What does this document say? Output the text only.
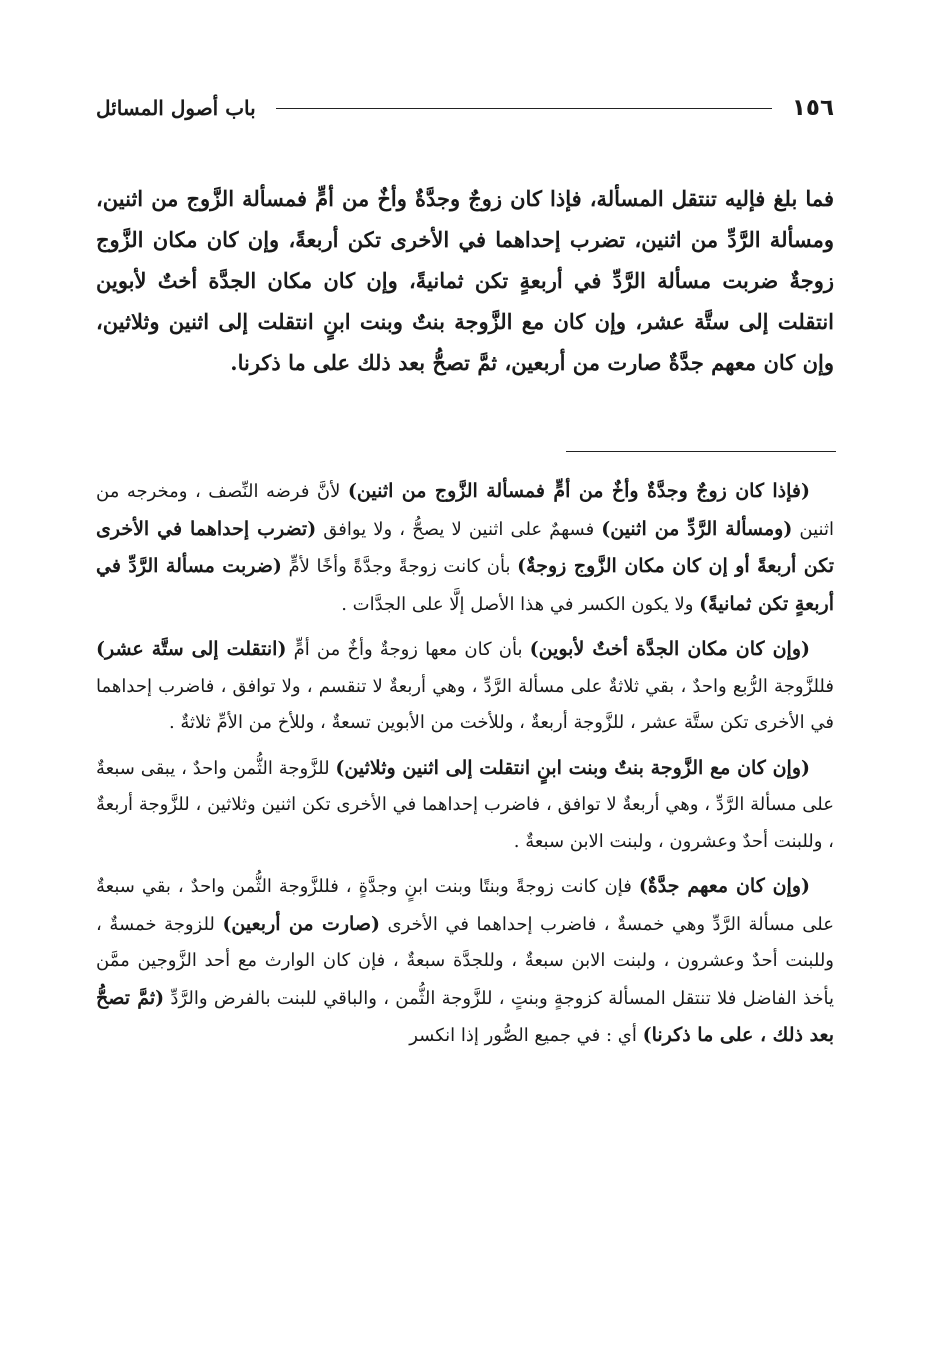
١٥٦
باب أصول المسائل

فما بلغ فإليه تنتقل المسألة، فإذا كان زوجٌ وجدَّةٌ وأخٌ من أمٍّ فمسألة الزَّوج من اثنين، ومسألة الرَّدِّ من اثنين، تضرب إحداهما في الأخرى تكن أربعةً، وإن كان مكان الزَّوج زوجةٌ ضربت مسألة الرَّدِّ في أربعةٍ تكن ثمانيةً، وإن كان مكان الجدَّة أختٌ لأبوين انتقلت إلى ستَّة عشر، وإن كان مع الزَّوجة بنتٌ وبنت ابنٍ انتقلت إلى اثنين وثلاثين، وإن كان معهم جدَّةٌ صارت من أربعين، ثمَّ تصحُّ بعد ذلك على ما ذكرنا.

(فإذا كان زوجٌ وجدَّةٌ وأخٌ من أمٍّ فمسألة الزَّوج من اثنين) لأنَّ فرضه النِّصف ، ومخرجه من اثنين (ومسألة الرَّدِّ من اثنين) فسهمٌ على اثنين لا يصحُّ ، ولا يوافق (تضرب إحداهما في الأخرى تكن أربعةً أو إن كان مكان الزَّوج زوجةٌ) بأن كانت زوجةً وجدَّةً وأخًا لأمٍّ (ضربت مسألة الرَّدِّ في أربعةٍ تكن ثمانيةً) ولا يكون الكسر في هذا الأصل إلَّا على الجدَّات .

(وإن كان مكان الجدَّة أختٌ لأبوين) بأن كان معها زوجةٌ وأخٌ من أمٍّ (انتقلت إلى ستَّة عشر) فللزَّوجة الرُّبع واحدٌ ، بقي ثلاثةٌ على مسألة الرَّدِّ ، وهي أربعةٌ لا تنقسم ، ولا توافق ، فاضرب إحداهما في الأخرى تكن ستَّة عشر ، للزَّوجة أربعةٌ ، وللأخت من الأبوين تسعةٌ ، وللأخ من الأمِّ ثلاثةٌ .

(وإن كان مع الزَّوجة بنتٌ وبنت ابنٍ انتقلت إلى اثنين وثلاثين) للزَّوجة الثُّمن واحدٌ ، يبقى سبعةٌ على مسألة الرَّدِّ ، وهي أربعةٌ لا توافق ، فاضرب إحداهما في الأخرى تكن اثنين وثلاثين ، للزَّوجة أربعةٌ ، وللبنت أحدٌ وعشرون ، ولبنت الابن سبعةٌ .

(وإن كان معهم جدَّةٌ) فإن كانت زوجةً وبنتًا وبنت ابنٍ وجدَّةٍ ، فللزَّوجة الثُّمن واحدٌ ، بقي سبعةٌ على مسألة الرَّدِّ وهي خمسةٌ ، فاضرب إحداهما في الأخرى (صارت من أربعين) للزوجة خمسةٌ ، وللبنت أحدٌ وعشرون ، ولبنت الابن سبعةٌ ، وللجدَّة سبعةٌ ، فإن كان الوارث مع أحد الزَّوجين ممَّن يأخذ الفاضل فلا تنتقل المسألة كزوجةٍ وبنتٍ ، للزَّوجة الثُّمن ، والباقي للبنت بالفرض والرَّدِّ (ثمَّ تصحُّ بعد ذلك ، على ما ذكرنا) أي : في جميع الصُّور إذا انكسر
